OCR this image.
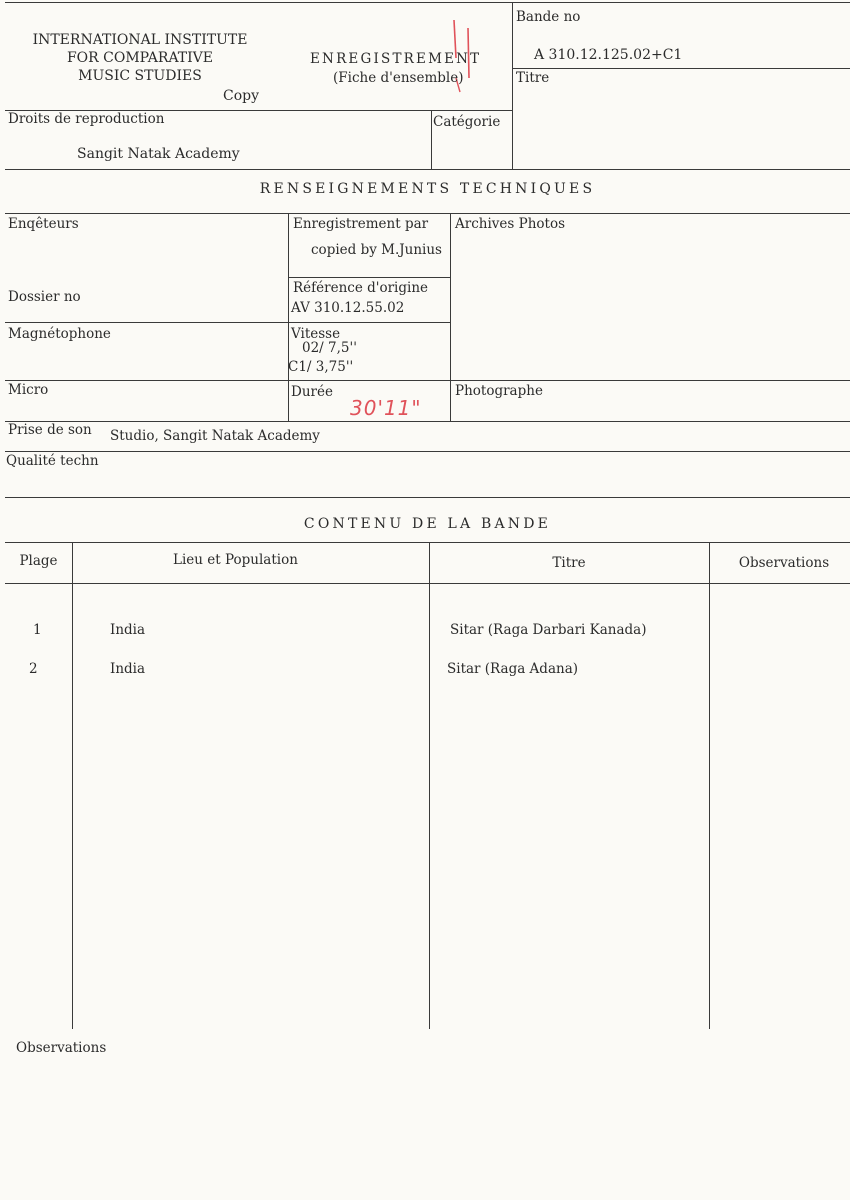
INTERNATIONAL INSTITUTE
FOR COMPARATIVE
MUSIC STUDIES
Copy
ENREGISTREMENT
(Fiche d'ensemble)
Bande no
A 310.12.125.02+C1
Titre
Droits de reproduction
Sangit Natak Academy
Catégorie
RENSEIGNEMENTS TECHNIQUES
Enqêteurs	Enregistrement par
copied by M.Junius
Archives Photos
Dossier no
Référence d'origine
AV 310.12.55.02
Magnétophone	Vitesse
02/ 7,5''
C1/ 3,75''
Micro	Durée
30'11"
Photographe
Prise de son Studio, Sangit Natak Academy
Qualité techn
CONTENU DE LA BANDE
Plage	Lieu et Population	Titre	Observations
1	India	Sitar (Raga Darbari Kanada)
2	India	Sitar (Raga Adana)
Observations
